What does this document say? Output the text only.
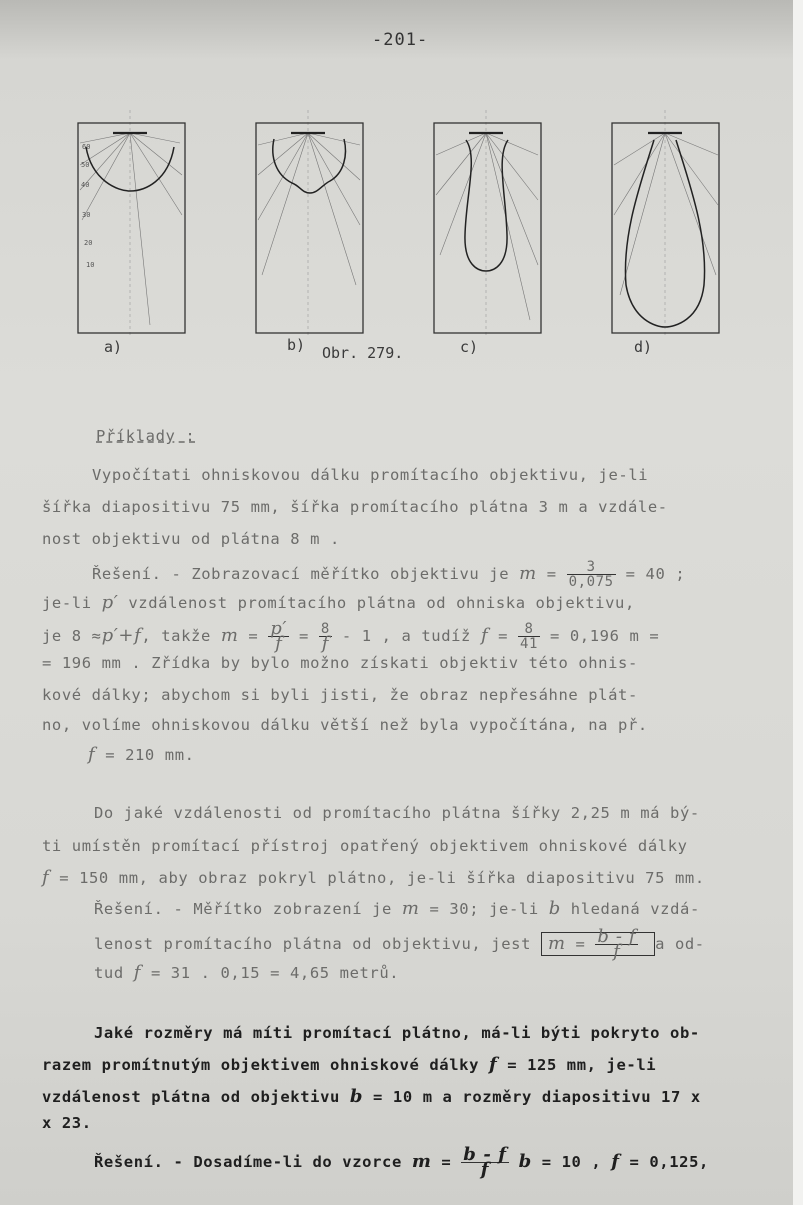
-201-
60
50
40
30
20
10
a)	b) Obr. 279.	c)	d)
Příklady :
Vypočítati ohniskovou dálku promítacího objektivu, je-li
šířka diapositivu 75 mm, šířka promítacího plátna 3 m a vzdále-
nost objektivu od plátna 8 m .
Řešení. - Zobrazovací měřítko objektivu je $m = \frac{3}{0,075} = 40$ ;
je-li p′ vzdálenost promítacího plátna od ohniska objektivu,
je 8 ≈p′+f, takže $m = \frac{p'}{f} = \frac{8}{f} - 1$ , a tudíž $f = \frac{8}{41} = 0,196$ m =
= 196 mm . Zřídka by bylo možno získati objektiv této ohnis-
kové dálky; abychom si byli jisti, že obraz nepřesáhne plát-
no, volíme ohniskovou dálku větší než byla vypočítána, na př.
f = 210 mm.
Do jaké vzdálenosti od promítacího plátna šířky 2,25 m má bý-
ti umístěn promítací přístroj opatřený objektivem ohniskové dálky
f = 150 mm, aby obraz pokryl plátno, je-li šířka diapositivu 75 mm.
Řešení. - Měřítko zobrazení je m = 30; je-li b hledaná vzdá-
lenost promítacího plátna od objektivu, jest $m = \frac{b - f}{f}$ a od-
tud f = 31 . 0,15 = 4,65 metrů.
Jaké rozměry má míti promítací plátno, má-li býti pokryto ob-
razem promítnutým objektivem ohniskové dálky f = 125 mm, je-li
vzdálenost plátna od objektivu b = 10 m a rozměry diapositivu 17 x
x 23.
Řešení. - Dosadíme-li do vzorce $m = \frac{b - f}{f}$ b = 10 , f = 0,125,
